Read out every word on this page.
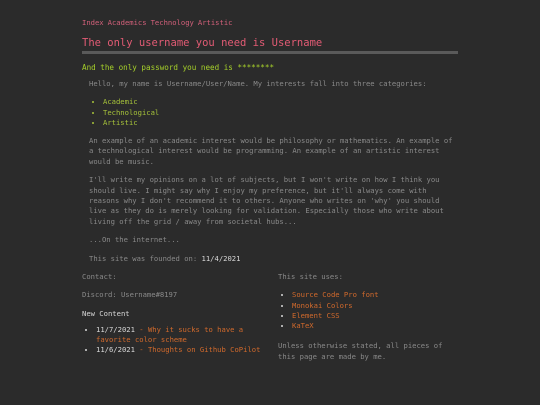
Index Academics Technology Artistic
The only username you need is Username
And the only password you need is ********

Hello, my name is Username/User/Name. My interests fall into three categories:

• Academic
• Technological
• Artistic

An example of an academic interest would be philosophy or mathematics. An example of a technological interest would be programming. An example of an artistic interest would be music.

I'll write my opinions on a lot of subjects, but I won't write on how I think you should live. I might say why I enjoy my preference, but it'll always come with reasons why I don't recommend it to others. Anyone who writes on 'why' you should live as they do is merely looking for validation. Especially those who write about living off the grid / away from societal hubs...

...On the internet...

This site was founded on: 11/4/2021

Contact:
Discord: Username#8197
New Content
• 11/7/2021 - Why it sucks to have a favorite color scheme
• 11/6/2021 - Thoughts on Github CoPilot
This site uses:
• Source Code Pro font
• Monokai Colors
• Element CSS
• KaTeX
Unless otherwise stated, all pieces of this page are made by me.
